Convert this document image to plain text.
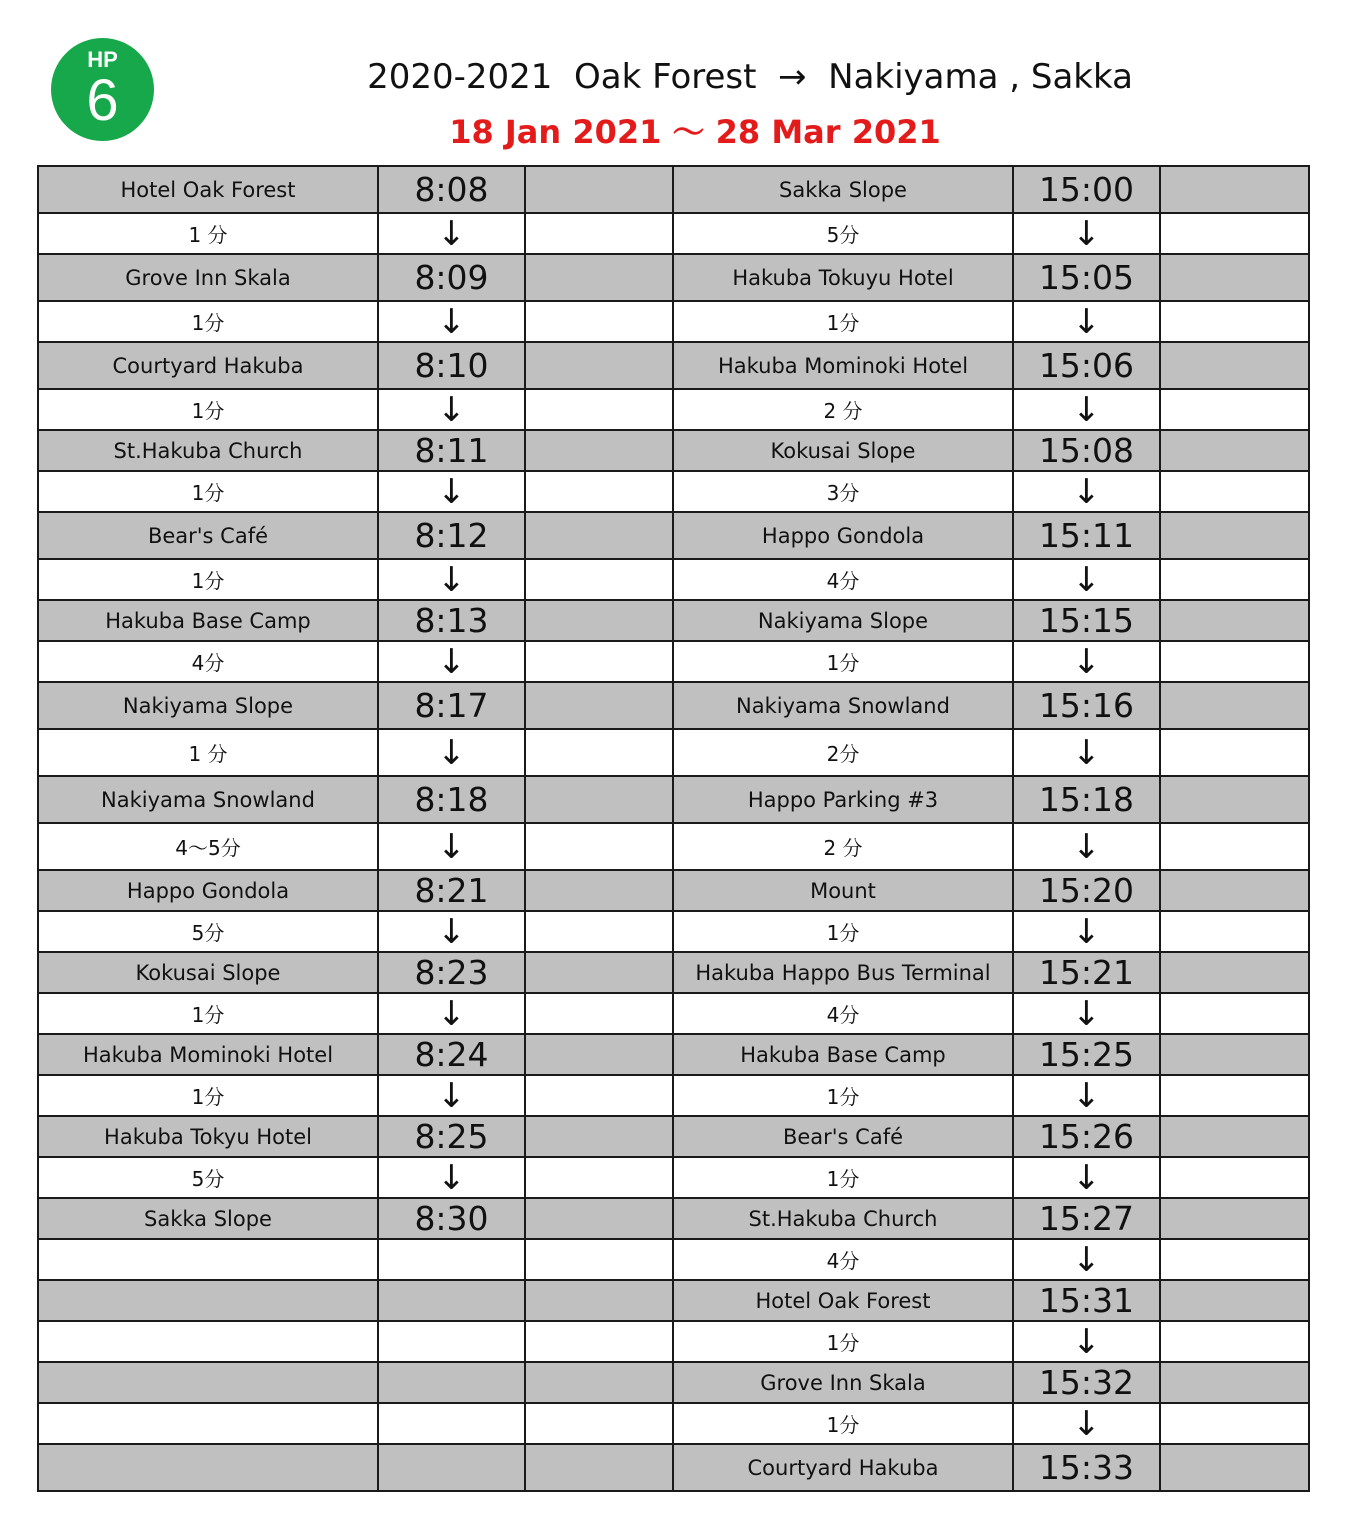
HP
6	2020-2021  Oak Forest  →  Nakiyama , Sakka
18 Jan 2021 ～ 28 Mar 2021
Hotel Oak Forest	8:08		Sakka Slope	15:00	
1 分	↓		5分	↓	
Grove Inn Skala	8:09		Hakuba Tokuyu Hotel	15:05	
1分	↓		1分	↓	
Courtyard Hakuba	8:10		Hakuba Mominoki Hotel	15:06	
1分	↓		2 分	↓	
St.Hakuba Church	8:11		Kokusai Slope	15:08	
1分	↓		3分	↓	
Bear's Café	8:12		Happo Gondola	15:11	
1分	↓		4分	↓	
Hakuba Base Camp	8:13		Nakiyama Slope	15:15	
4分	↓		1分	↓	
Nakiyama Slope	8:17		Nakiyama Snowland	15:16	
1 分	↓		2分	↓	
Nakiyama Snowland	8:18		Happo Parking #3	15:18	
4～5分	↓		2 分	↓	
Happo Gondola	8:21		Mount	15:20	
5分	↓		1分	↓	
Kokusai Slope	8:23		Hakuba Happo Bus Terminal	15:21	
1分	↓		4分	↓	
Hakuba Mominoki Hotel	8:24		Hakuba Base Camp	15:25	
1分	↓		1分	↓	
Hakuba Tokyu Hotel	8:25		Bear's Café	15:26	
5分	↓		1分	↓	
Sakka Slope	8:30		St.Hakuba Church	15:27	
			4分	↓	
			Hotel Oak Forest	15:31	
			1分	↓	
			Grove Inn Skala	15:32	
			1分	↓	
			Courtyard Hakuba	15:33	
